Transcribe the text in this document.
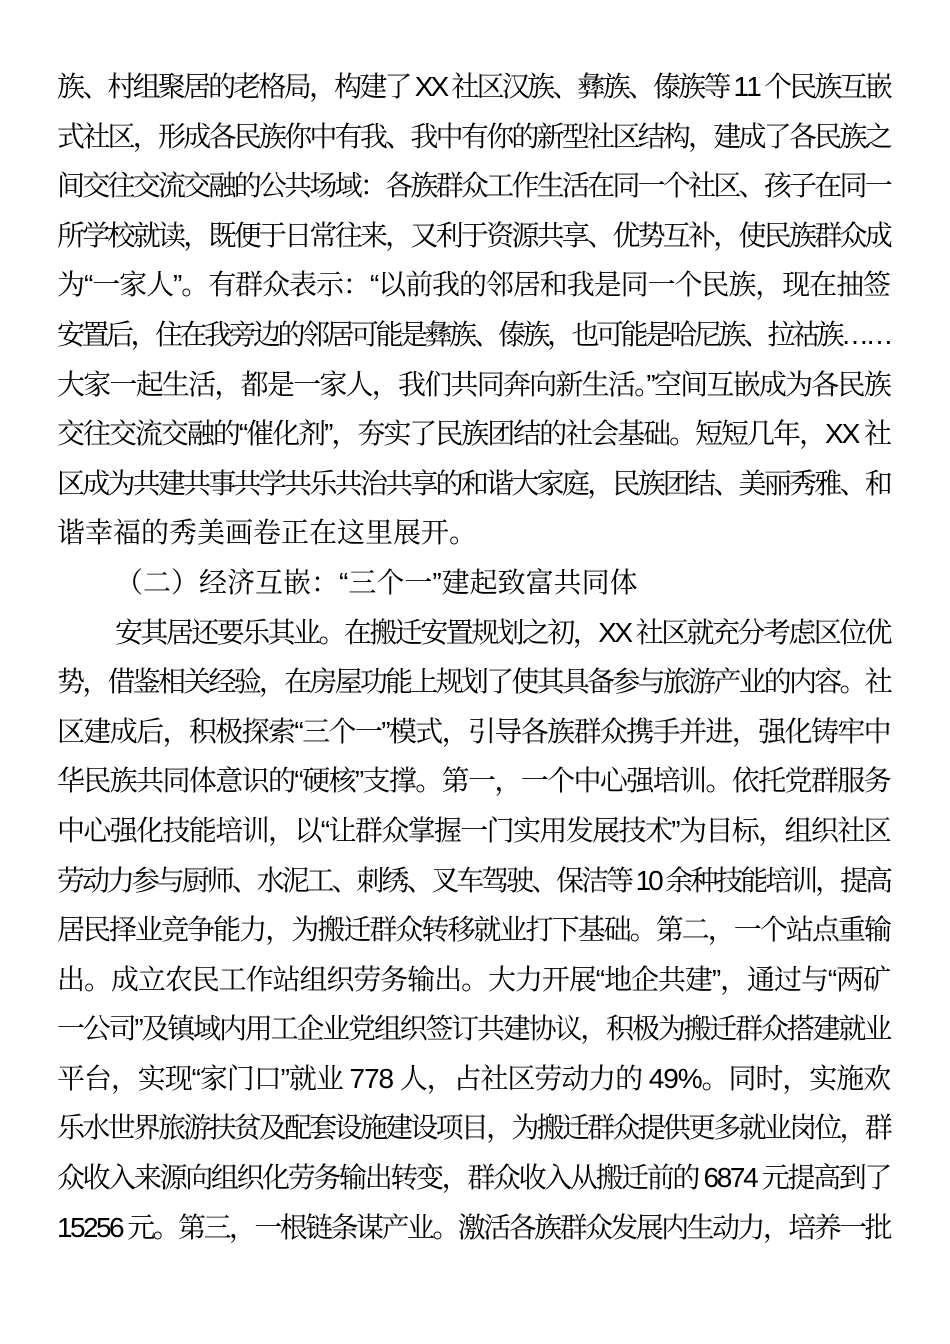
族、村组聚居的老格局，构建了 XX 社区汉族、彝族、傣族等 11 个民族互嵌
式社区，形成各民族你中有我、我中有你的新型社区结构，建成了各民族之
间交往交流交融的公共场域：各族群众工作生活在同一个社区、孩子在同一
所学校就读，既便于日常往来，又利于资源共享、优势互补，使民族群众成
为“一家人”。有群众表示：“以前我的邻居和我是同一个民族，现在抽签
安置后，住在我旁边的邻居可能是彝族、傣族，也可能是哈尼族、拉祜族……
大家一起生活，都是一家人，我们共同奔向新生活。”空间互嵌成为各民族
交往交流交融的“催化剂”，夯实了民族团结的社会基础。短短几年，XX 社
区成为共建共事共学共乐共治共享的和谐大家庭，民族团结、美丽秀雅、和
谐幸福的秀美画卷正在这里展开。
（二）经济互嵌：“三个一”建起致富共同体
安其居还要乐其业。在搬迁安置规划之初，XX 社区就充分考虑区位优
势，借鉴相关经验，在房屋功能上规划了使其具备参与旅游产业的内容。社
区建成后，积极探索“三个一”模式，引导各族群众携手并进，强化铸牢中
华民族共同体意识的“硬核”支撑。第一，一个中心强培训。依托党群服务
中心强化技能培训，以“让群众掌握一门实用发展技术”为目标，组织社区
劳动力参与厨师、水泥工、刺绣、叉车驾驶、保洁等 10 余种技能培训，提高
居民择业竞争能力，为搬迁群众转移就业打下基础。第二，一个站点重输
出。成立农民工作站组织劳务输出。大力开展“地企共建”，通过与“两矿
一公司”及镇域内用工企业党组织签订共建协议，积极为搬迁群众搭建就业
平台，实现“家门口”就业 778 人，占社区劳动力的 49%。同时，实施欢
乐水世界旅游扶贫及配套设施建设项目，为搬迁群众提供更多就业岗位，群
众收入来源向组织化劳务输出转变，群众收入从搬迁前的 6874 元提高到了
15256 元。第三，一根链条谋产业。激活各族群众发展内生动力，培养一批
